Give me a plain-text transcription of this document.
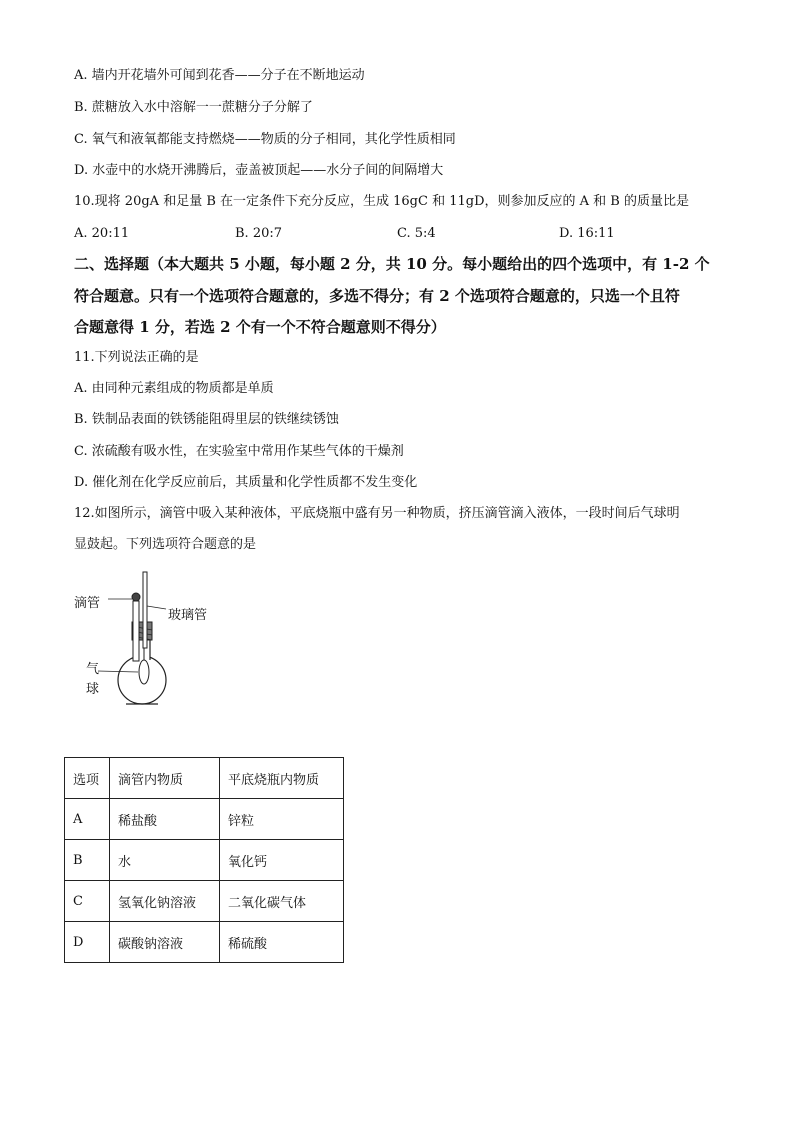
A. 墙内开花墙外可闻到花香——分子在不断地运动
B. 蔗糖放入水中溶解一一蔗糖分子分解了
C. 氧气和液氧都能支持燃烧——物质的分子相同，其化学性质相同
D. 水壶中的水烧开沸腾后，壶盖被顶起——水分子间的间隔增大
10.现将 20gA 和足量 B 在一定条件下充分反应，生成 16gC 和 11gD，则参加反应的 A 和 B 的质量比是
A. 20:11	B. 20:7	C. 5:4	D. 16:11
二、选择题（本大题共 5 小题，每小题 2 分，共 10 分。每小题给出的四个选项中，有 1-2 个
符合题意。只有一个选项符合题意的，多选不得分；有 2 个选项符合题意的，只选一个且符
合题意得 1 分，若选 2 个有一个不符合题意则不得分）
11.下列说法正确的是
A. 由同种元素组成的物质都是单质
B. 铁制品表面的铁锈能阻碍里层的铁继续锈蚀
C. 浓硫酸有吸水性，在实验室中常用作某些气体的干燥剂
D. 催化剂在化学反应前后，其质量和化学性质都不发生变化
12.如图所示，滴管中吸入某种液体，平底烧瓶中盛有另一种物质，挤压滴管滴入液体，一段时间后气球明
显鼓起。下列选项符合题意的是
滴管
玻璃管
气
球
选项	滴管内物质	平底烧瓶内物质
A	稀盐酸	锌粒
B	水	氧化钙
C	氢氧化钠溶液	二氧化碳气体
D	碳酸钠溶液	稀硫酸
